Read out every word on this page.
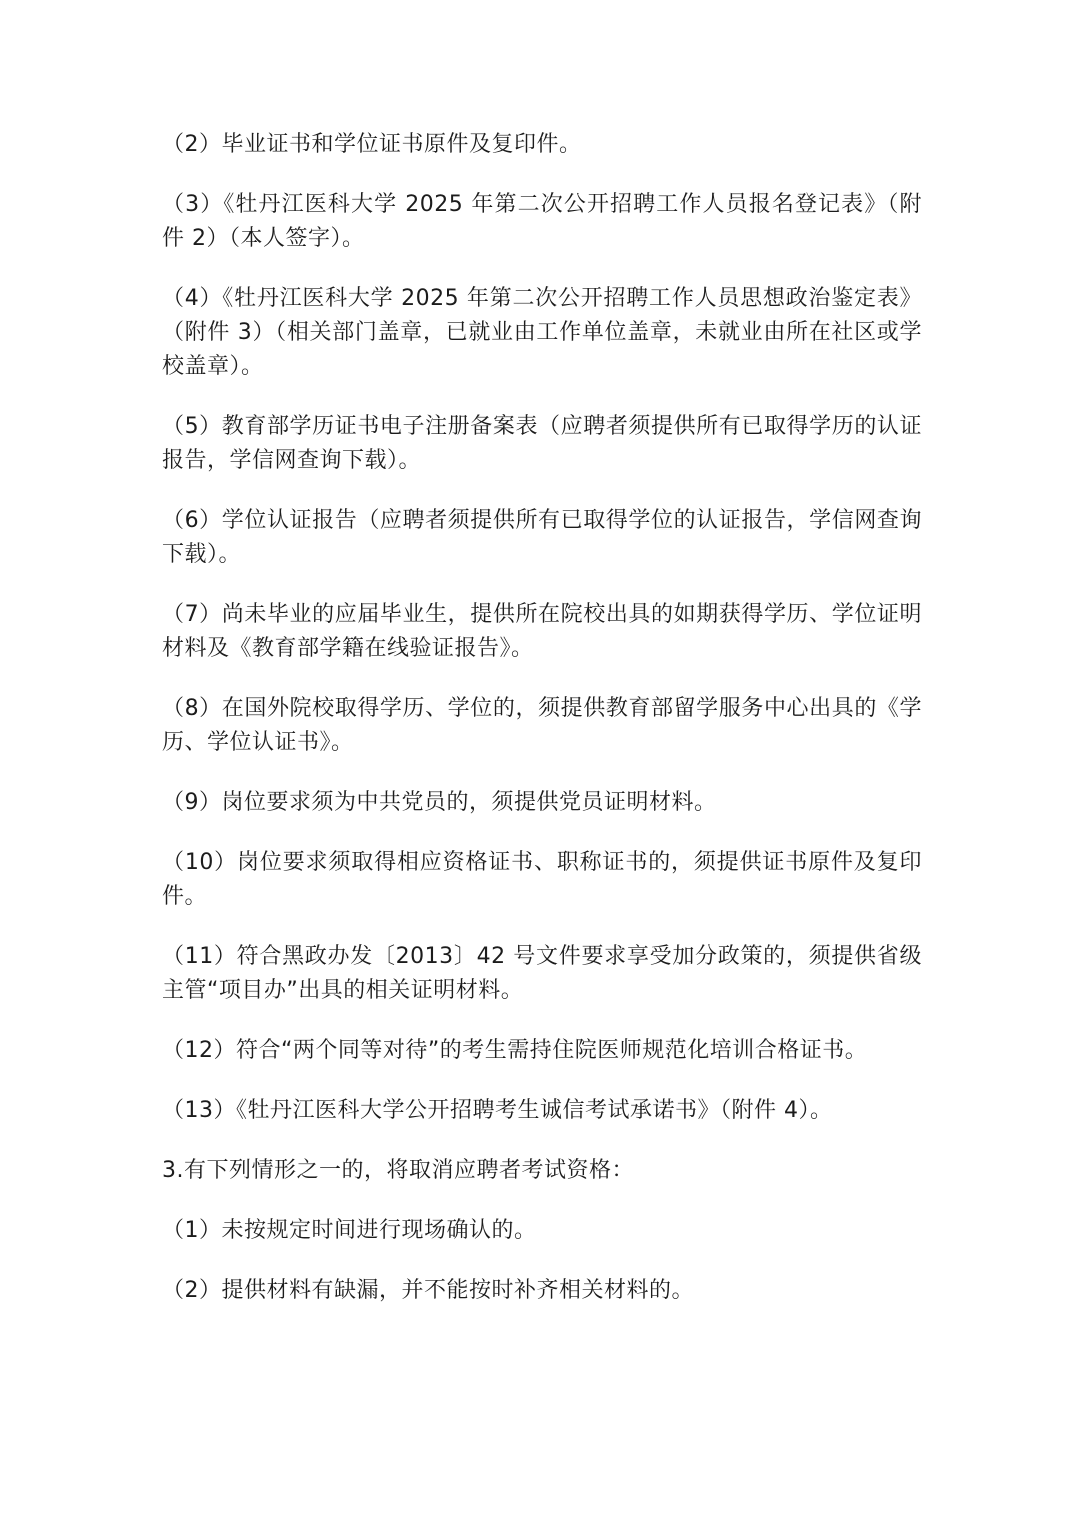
（2）毕业证书和学位证书原件及复印件。

（3）《牡丹江医科大学 2025 年第二次公开招聘工作人员报名登记表》（附件 2）（本人签字）。

（4）《牡丹江医科大学 2025 年第二次公开招聘工作人员思想政治鉴定表》（附件 3）（相关部门盖章，已就业由工作单位盖章，未就业由所在社区或学校盖章）。

（5）教育部学历证书电子注册备案表（应聘者须提供所有已取得学历的认证报告，学信网查询下载）。

（6）学位认证报告（应聘者须提供所有已取得学位的认证报告，学信网查询下载）。

（7）尚未毕业的应届毕业生，提供所在院校出具的如期获得学历、学位证明材料及《教育部学籍在线验证报告》。

（8）在国外院校取得学历、学位的，须提供教育部留学服务中心出具的《学历、学位认证书》。

（9）岗位要求须为中共党员的，须提供党员证明材料。

（10）岗位要求须取得相应资格证书、职称证书的，须提供证书原件及复印件。

（11）符合黑政办发〔2013〕42 号文件要求享受加分政策的，须提供省级主管“项目办”出具的相关证明材料。

（12）符合“两个同等对待”的考生需持住院医师规范化培训合格证书。

（13）《牡丹江医科大学公开招聘考生诚信考试承诺书》（附件 4）。

3.有下列情形之一的，将取消应聘者考试资格：

（1）未按规定时间进行现场确认的。

（2）提供材料有缺漏，并不能按时补齐相关材料的。
